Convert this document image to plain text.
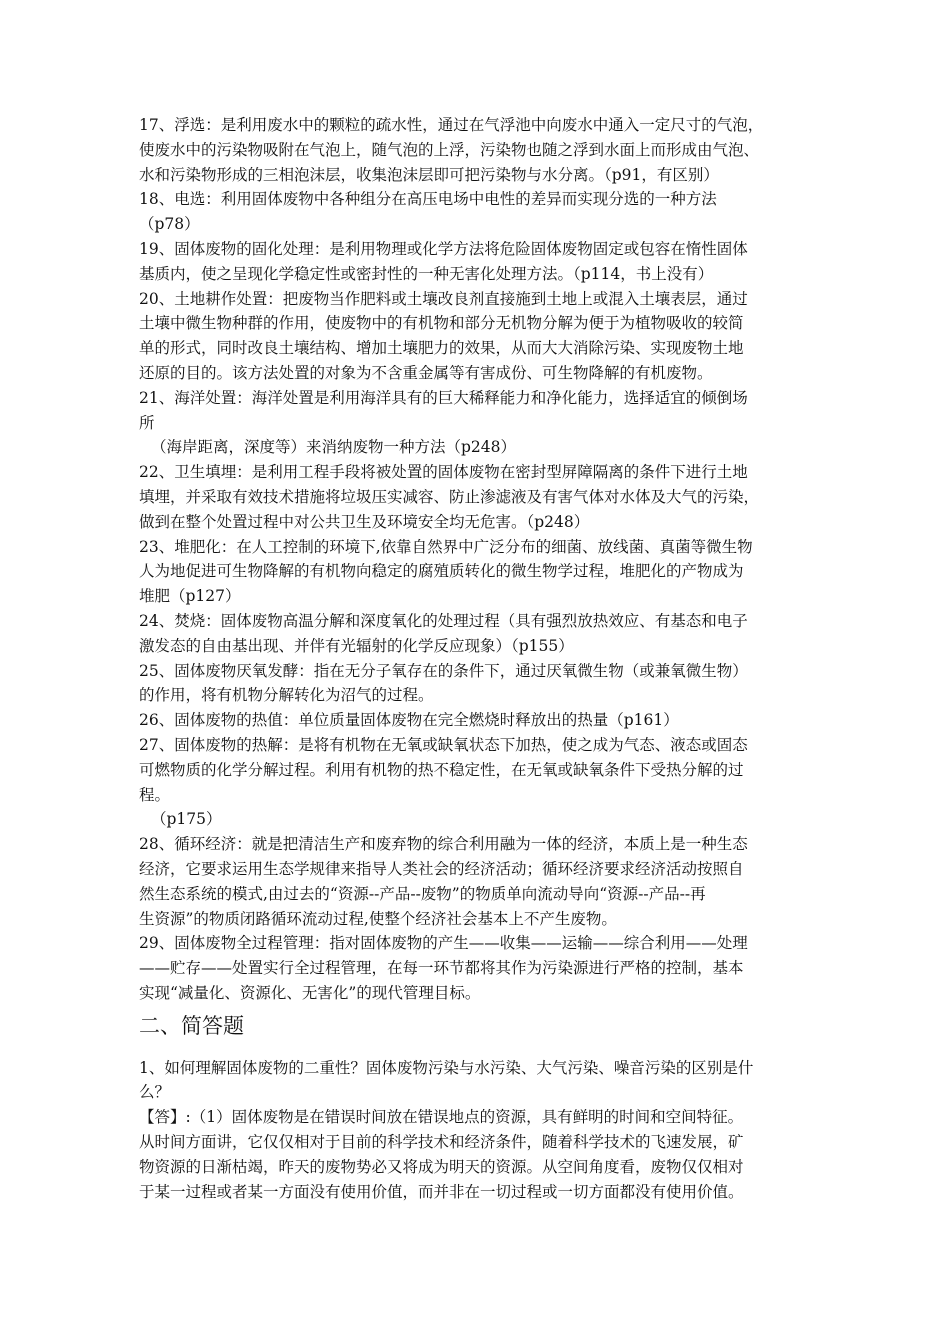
17、浮选：是利用废水中的颗粒的疏水性，通过在气浮池中向废水中通入一定尺寸的气泡，
使废水中的污染物吸附在气泡上，随气泡的上浮，污染物也随之浮到水面上而形成由气泡、
水和污染物形成的三相泡沫层，收集泡沫层即可把污染物与水分离。（p91，有区别）
18、电选：利用固体废物中各种组分在高压电场中电性的差异而实现分选的一种方法
（p78）
19、固体废物的固化处理：是利用物理或化学方法将危险固体废物固定或包容在惰性固体
基质内，使之呈现化学稳定性或密封性的一种无害化处理方法。（p114，书上没有）
20、土地耕作处置：把废物当作肥料或土壤改良剂直接施到土地上或混入土壤表层，通过
土壤中微生物种群的作用，使废物中的有机物和部分无机物分解为便于为植物吸收的较简
单的形式，同时改良土壤结构、增加土壤肥力的效果，从而大大消除污染、实现废物土地
还原的目的。该方法处置的对象为不含重金属等有害成份、可生物降解的有机废物。
21、海洋处置：海洋处置是利用海洋具有的巨大稀释能力和净化能力，选择适宜的倾倒场
所
（海岸距离，深度等）来消纳废物一种方法（p248）
22、卫生填埋：是利用工程手段将被处置的固体废物在密封型屏障隔离的条件下进行土地
填埋，并采取有效技术措施将垃圾压实减容、防止渗滤液及有害气体对水体及大气的污染，
做到在整个处置过程中对公共卫生及环境安全均无危害。（p248）
23、堆肥化：在人工控制的环境下,依靠自然界中广泛分布的细菌、放线菌、真菌等微生物
人为地促进可生物降解的有机物向稳定的腐殖质转化的微生物学过程，堆肥化的产物成为
堆肥（p127）
24、焚烧：固体废物高温分解和深度氧化的处理过程（具有强烈放热效应、有基态和电子
激发态的自由基出现、并伴有光辐射的化学反应现象）（p155）
25、固体废物厌氧发酵：指在无分子氧存在的条件下，通过厌氧微生物（或兼氧微生物）
的作用，将有机物分解转化为沼气的过程。
26、固体废物的热值：单位质量固体废物在完全燃烧时释放出的热量（p161）
27、固体废物的热解：是将有机物在无氧或缺氧状态下加热，使之成为气态、液态或固态
可燃物质的化学分解过程。利用有机物的热不稳定性，在无氧或缺氧条件下受热分解的过
程。
（p175）
28、循环经济：就是把清洁生产和废弃物的综合利用融为一体的经济，本质上是一种生态
经济，它要求运用生态学规律来指导人类社会的经济活动；循环经济要求经济活动按照自
然生态系统的模式,由过去的“资源--产品--废物”的物质单向流动导向“资源--产品--再
生资源”的物质闭路循环流动过程,使整个经济社会基本上不产生废物。
29、固体废物全过程管理：指对固体废物的产生——收集——运输——综合利用——处理
——贮存——处置实行全过程管理，在每一环节都将其作为污染源进行严格的控制，基本
实现“减量化、资源化、无害化”的现代管理目标。
二、简答题
1、如何理解固体废物的二重性？固体废物污染与水污染、大气污染、噪音污染的区别是什
么？
【答】:（1）固体废物是在错误时间放在错误地点的资源，具有鲜明的时间和空间特征。
从时间方面讲，它仅仅相对于目前的科学技术和经济条件，随着科学技术的飞速发展，矿
物资源的日渐枯竭，昨天的废物势必又将成为明天的资源。从空间角度看，废物仅仅相对
于某一过程或者某一方面没有使用价值，而并非在一切过程或一切方面都没有使用价值。
